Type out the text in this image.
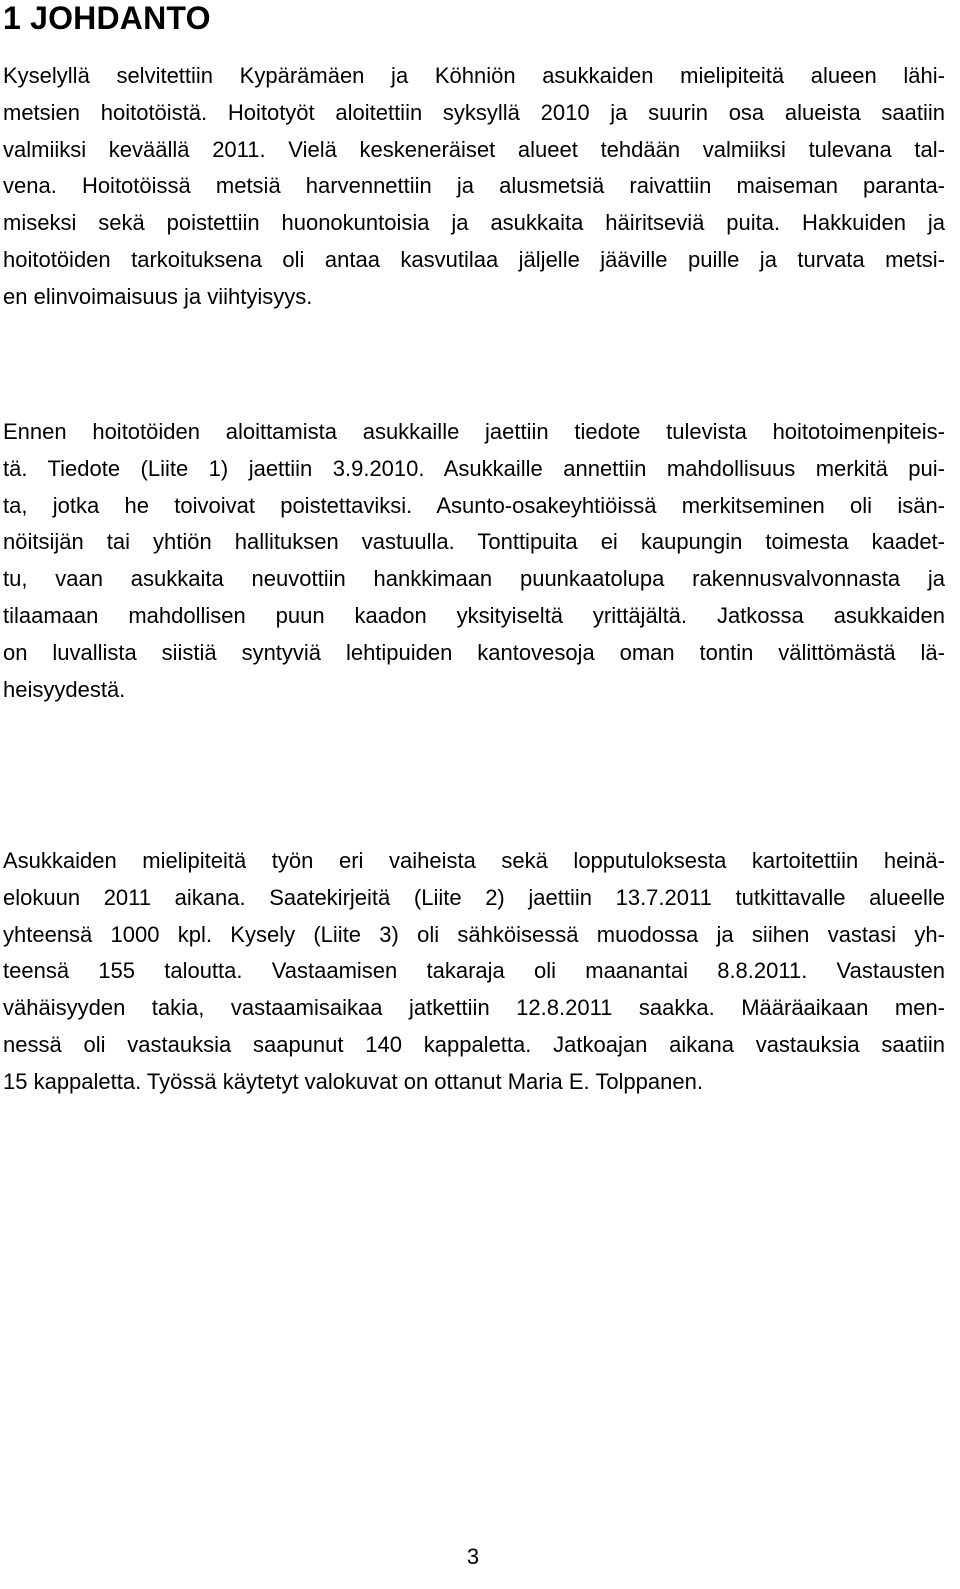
1 JOHDANTO
Kyselyllä selvitettiin Kypärämäen ja Köhniön asukkaiden mielipiteitä alueen lähi-
metsien hoitotöistä. Hoitotyöt aloitettiin syksyllä 2010 ja suurin osa alueista saatiin
valmiiksi keväällä 2011. Vielä keskeneräiset alueet tehdään valmiiksi tulevana tal-
vena. Hoitotöissä metsiä harvennettiin ja alusmetsiä raivattiin maiseman paranta-
miseksi sekä poistettiin huonokuntoisia ja asukkaita häiritseviä puita. Hakkuiden ja
hoitotöiden tarkoituksena oli antaa kasvutilaa jäljelle jääville puille ja turvata metsi-
en elinvoimaisuus ja viihtyisyys.
Ennen hoitotöiden aloittamista asukkaille jaettiin tiedote tulevista hoitotoimenpiteis-
tä. Tiedote (Liite 1) jaettiin 3.9.2010. Asukkaille annettiin mahdollisuus merkitä pui-
ta, jotka he toivoivat poistettaviksi. Asunto-osakeyhtiöissä merkitseminen oli isän-
nöitsijän tai yhtiön hallituksen vastuulla. Tonttipuita ei kaupungin toimesta kaadet-
tu, vaan asukkaita neuvottiin hankkimaan puunkaatolupa rakennusvalvonnasta ja
tilaamaan mahdollisen puun kaadon yksityiseltä yrittäjältä. Jatkossa asukkaiden
on luvallista siistiä syntyviä lehtipuiden kantovesoja oman tontin välittömästä lä-
heisyydestä.
Asukkaiden mielipiteitä työn eri vaiheista sekä lopputuloksesta kartoitettiin heinä-
elokuun 2011 aikana. Saatekirjeitä (Liite 2) jaettiin 13.7.2011 tutkittavalle alueelle
yhteensä 1000 kpl. Kysely (Liite 3) oli sähköisessä muodossa ja siihen vastasi yh-
teensä 155 taloutta. Vastaamisen takaraja oli maanantai 8.8.2011. Vastausten
vähäisyyden takia, vastaamisaikaa jatkettiin 12.8.2011 saakka. Määräaikaan men-
nessä oli vastauksia saapunut 140 kappaletta. Jatkoajan aikana vastauksia saatiin
15 kappaletta. Työssä käytetyt valokuvat on ottanut Maria E. Tolppanen.
3
